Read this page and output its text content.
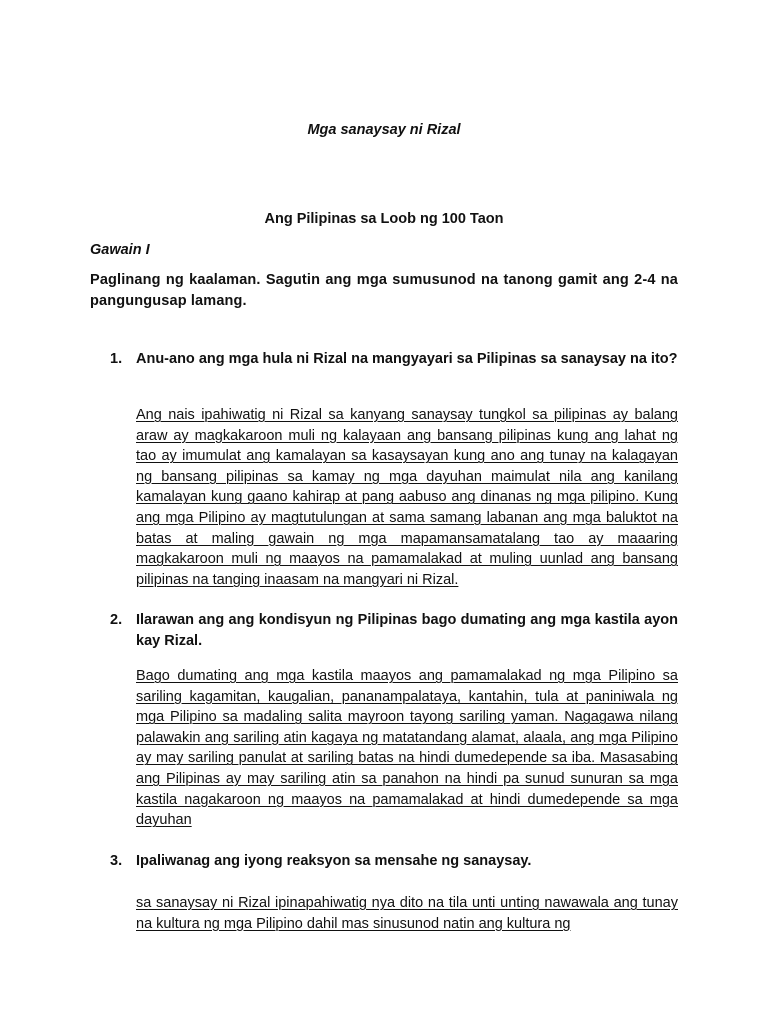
Mga sanaysay ni Rizal
Ang Pilipinas sa Loob ng 100 Taon
Gawain I
Paglinang ng kaalaman. Sagutin ang mga sumusunod na tanong gamit ang 2-4 na pangungusap lamang.
1. Anu-ano ang mga hula ni Rizal na mangyayari sa Pilipinas sa sanaysay na ito?
Ang nais ipahiwatig ni Rizal sa kanyang sanaysay tungkol sa pilipinas ay balang araw ay magkakaroon muli ng kalayaan ang bansang pilipinas kung ang lahat ng tao ay imumulat ang kamalayan sa kasaysayan kung ano ang tunay na kalagayan ng bansang pilipinas sa kamay ng mga dayuhan maimulat nila ang kanilang kamalayan kung gaano kahirap at pang aabuso ang dinanas ng mga pilipino. Kung ang mga Pilipino ay magtutulungan at sama samang labanan ang mga baluktot na batas at maling gawain ng mga mapamansamatalang tao ay maaaring magkakaroon muli ng maayos na pamamalakad at muling uunlad ang bansang pilipinas na tanging inaasam na mangyari ni Rizal.
2. Ilarawan ang ang kondisyun ng Pilipinas bago dumating ang mga kastila ayon kay Rizal.
Bago dumating ang mga kastila maayos ang pamamalakad ng mga Pilipino sa sariling kagamitan, kaugalian, pananampalataya, kantahin, tula at paniniwala ng mga Pilipino sa madaling salita mayroon tayong sariling yaman. Nagagawa nilang palawakin ang sariling atin kagaya ng matatandang alamat, alaala, ang mga Pilipino ay may sariling panulat at sariling batas na hindi dumedepende sa iba. Masasabing ang Pilipinas ay may sariling atin sa panahon na hindi pa sunud sunuran sa mga kastila nagakaroon ng maayos na pamamalakad at hindi dumedepende sa mga dayuhan
3. Ipaliwanag ang iyong reaksyon sa mensahe ng sanaysay.
sa sanaysay ni Rizal ipinapahiwatig nya dito na tila unti unting nawawala ang tunay na kultura ng mga Pilipino dahil mas sinusunod natin ang kultura ng
